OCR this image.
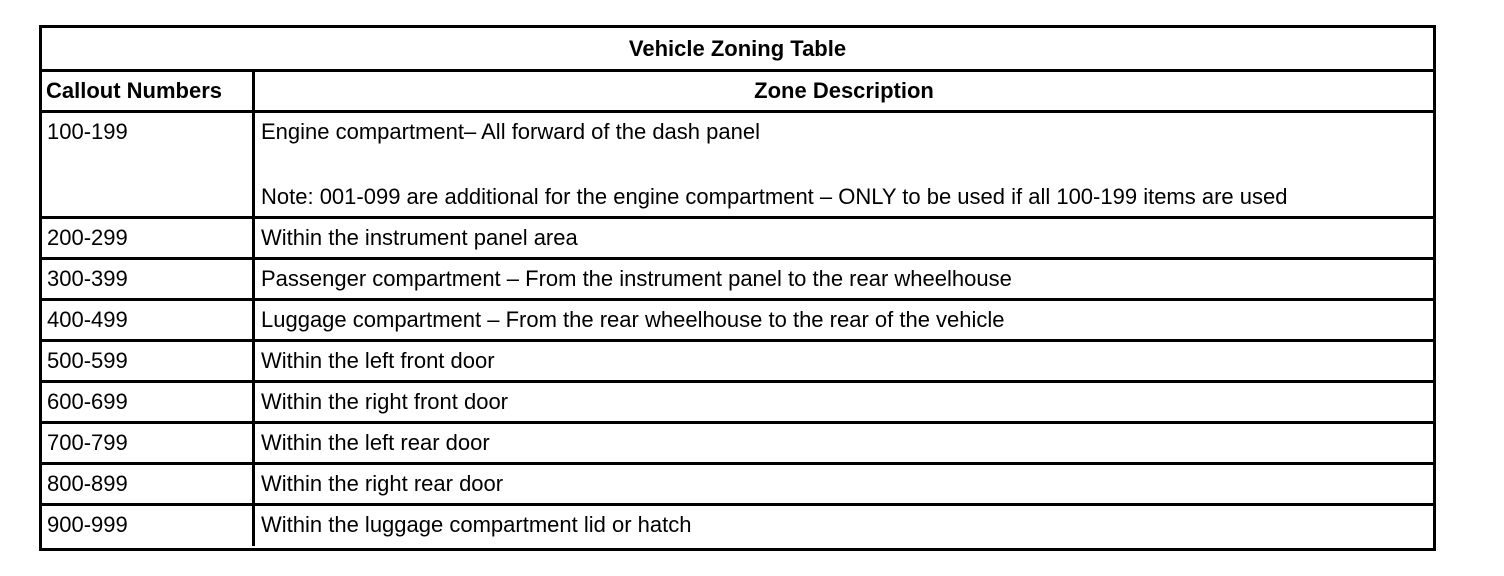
Vehicle Zoning Table
Callout Numbers	Zone Description
100-199	Engine compartment– All forward of the dash panel
Note: 001-099 are additional for the engine compartment – ONLY to be used if all 100-199 items are used
200-299	Within the instrument panel area
300-399	Passenger compartment – From the instrument panel to the rear wheelhouse
400-499	Luggage compartment – From the rear wheelhouse to the rear of the vehicle
500-599	Within the left front door
600-699	Within the right front door
700-799	Within the left rear door
800-899	Within the right rear door
900-999	Within the luggage compartment lid or hatch
